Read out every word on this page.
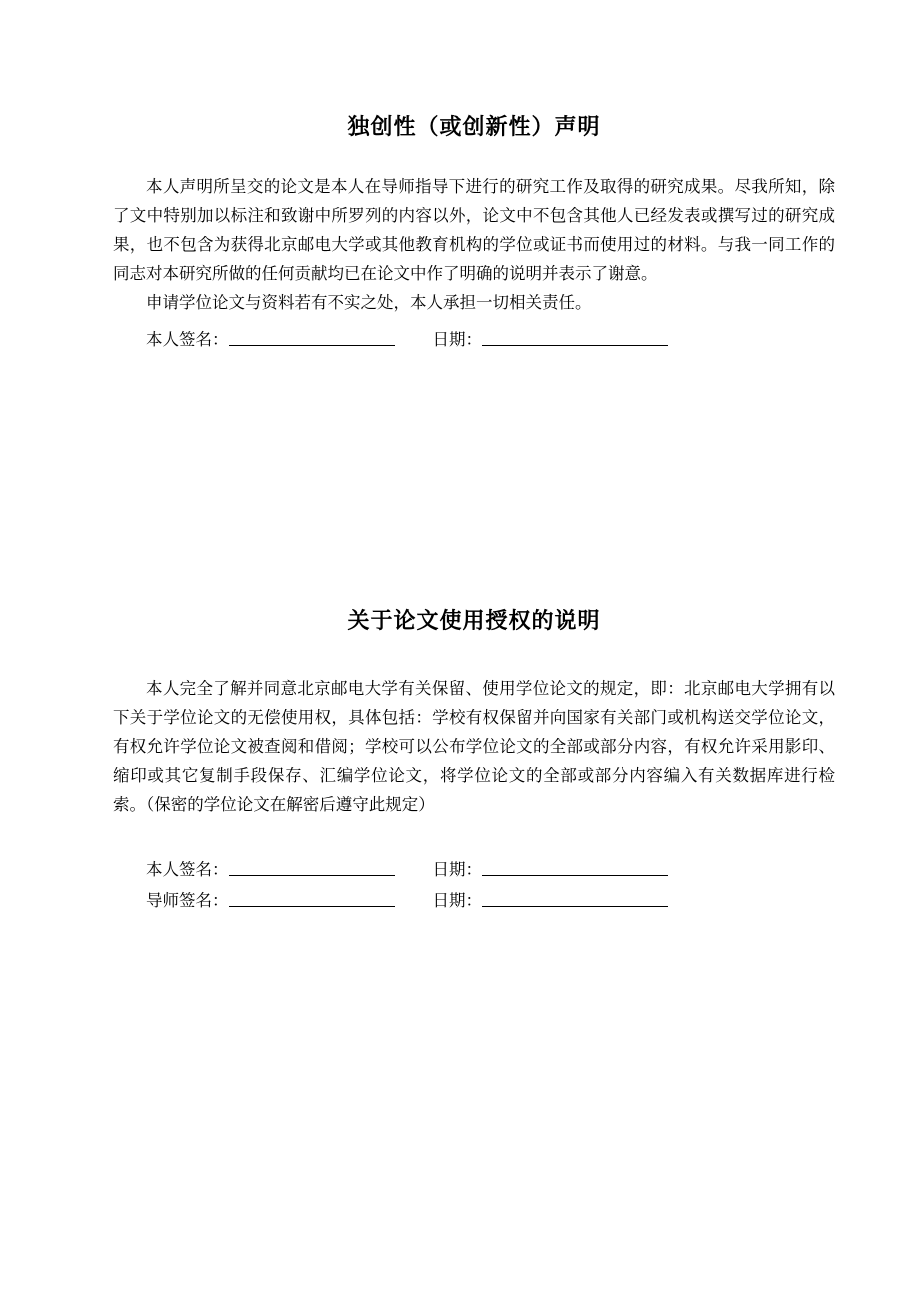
独创性（或创新性）声明

本人声明所呈交的论文是本人在导师指导下进行的研究工作及取得的研究成果。尽我所知，除了文中特别加以标注和致谢中所罗列的内容以外，论文中不包含其他人已经发表或撰写过的研究成果，也不包含为获得北京邮电大学或其他教育机构的学位或证书而使用过的材料。与我一同工作的同志对本研究所做的任何贡献均已在论文中作了明确的说明并表示了谢意。

申请学位论文与资料若有不实之处，本人承担一切相关责任。

本人签名：	日期：
关于论文使用授权的说明

本人完全了解并同意北京邮电大学有关保留、使用学位论文的规定，即：北京邮电大学拥有以下关于学位论文的无偿使用权，具体包括：学校有权保留并向国家有关部门或机构送交学位论文，有权允许学位论文被查阅和借阅；学校可以公布学位论文的全部或部分内容，有权允许采用影印、缩印或其它复制手段保存、汇编学位论文，将学位论文的全部或部分内容编入有关数据库进行检索。（保密的学位论文在解密后遵守此规定）

本人签名：	日期：
导师签名：	日期：
